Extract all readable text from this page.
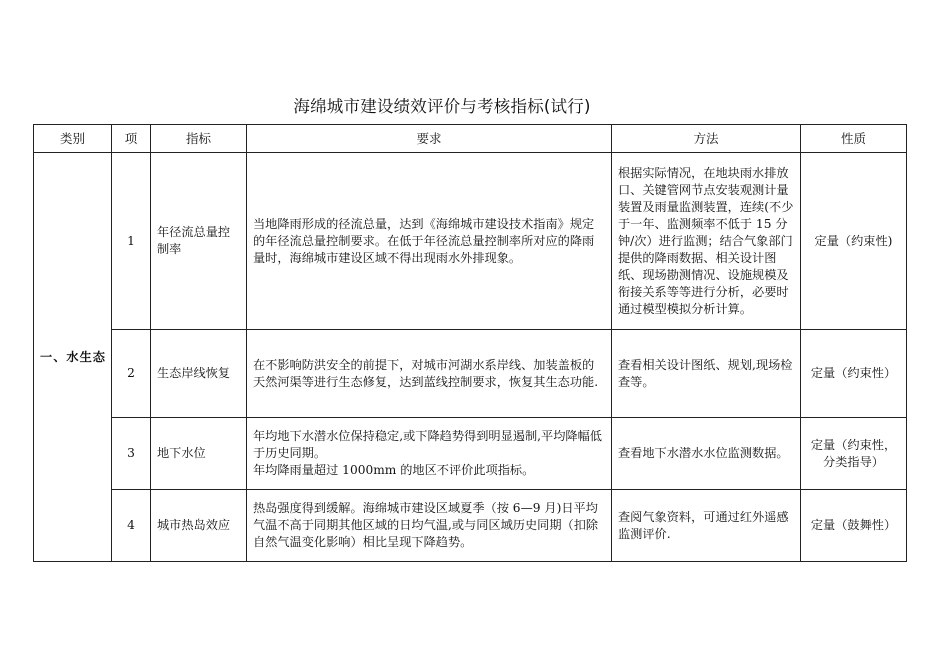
海绵城市建设绩效评价与考核指标(试行)
类别	项	指标	要求	方法	性质
一、水生态	1	年径流总量控制率	当地降雨形成的径流总量，达到《海绵城市建设技术指南》规定的年径流总量控制要求。在低于年径流总量控制率所对应的降雨量时，海绵城市建设区域不得出现雨水外排现象。	根据实际情况，在地块雨水排放口、关键管网节点安装观测计量装置及雨量监测装置，连续(不少于一年、监测频率不低于 15 分钟/次）进行监测；结合气象部门提供的降雨数据、相关设计图纸、现场勘测情况、设施规模及衔接关系等等进行分析，必要时通过模型模拟分析计算。	定量（约束性)
	2	生态岸线恢复	在不影响防洪安全的前提下，对城市河湖水系岸线、加装盖板的天然河渠等进行生态修复，达到蓝线控制要求，恢复其生态功能.	查看相关设计图纸、规划,现场检查等。	定量（约束性）
	3	地下水位	年均地下水潜水位保持稳定,或下降趋势得到明显遏制,平均降幅低于历史同期。
年均降雨量超过 1000mm 的地区不评价此项指标。	查看地下水潜水水位监测数据。	定量（约束性，分类指导）
	4	城市热岛效应	热岛强度得到缓解。海绵城市建设区域夏季（按 6—9 月)日平均气温不高于同期其他区域的日均气温,或与同区域历史同期（扣除自然气温变化影响）相比呈现下降趋势。	查阅气象资料，可通过红外遥感监测评价.	定量（鼓舞性）
